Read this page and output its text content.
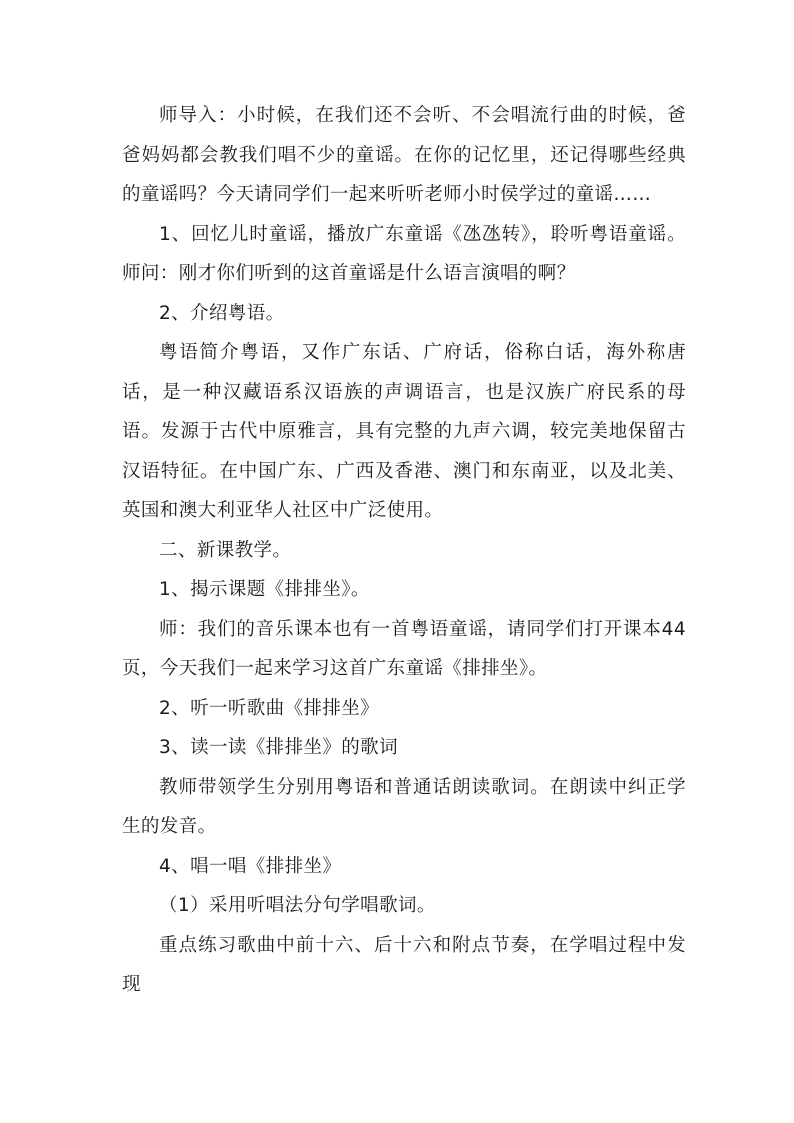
师导入：小时候，在我们还不会听、不会唱流行曲的时候，爸爸妈妈都会教我们唱不少的童谣。在你的记忆里，还记得哪些经典的童谣吗？今天请同学们一起来听听老师小时侯学过的童谣……

1、回忆儿时童谣，播放广东童谣《氹氹转》，聆听粤语童谣。师问：刚才你们听到的这首童谣是什么语言演唱的啊？

2、介绍粤语。

粤语简介粤语，又作广东话、广府话，俗称白话，海外称唐话，是一种汉藏语系汉语族的声调语言，也是汉族广府民系的母语。发源于古代中原雅言，具有完整的九声六调，较完美地保留古汉语特征。在中国广东、广西及香港、澳门和东南亚，以及北美、英国和澳大利亚华人社区中广泛使用。

二、新课教学。

1、揭示课题《排排坐》。

师：我们的音乐课本也有一首粤语童谣，请同学们打开课本44页，今天我们一起来学习这首广东童谣《排排坐》。

2、听一听歌曲《排排坐》

3、读一读《排排坐》的歌词

教师带领学生分别用粤语和普通话朗读歌词。在朗读中纠正学生的发音。

4、唱一唱《排排坐》

（1）采用听唱法分句学唱歌词。

重点练习歌曲中前十六、后十六和附点节奏，在学唱过程中发现
